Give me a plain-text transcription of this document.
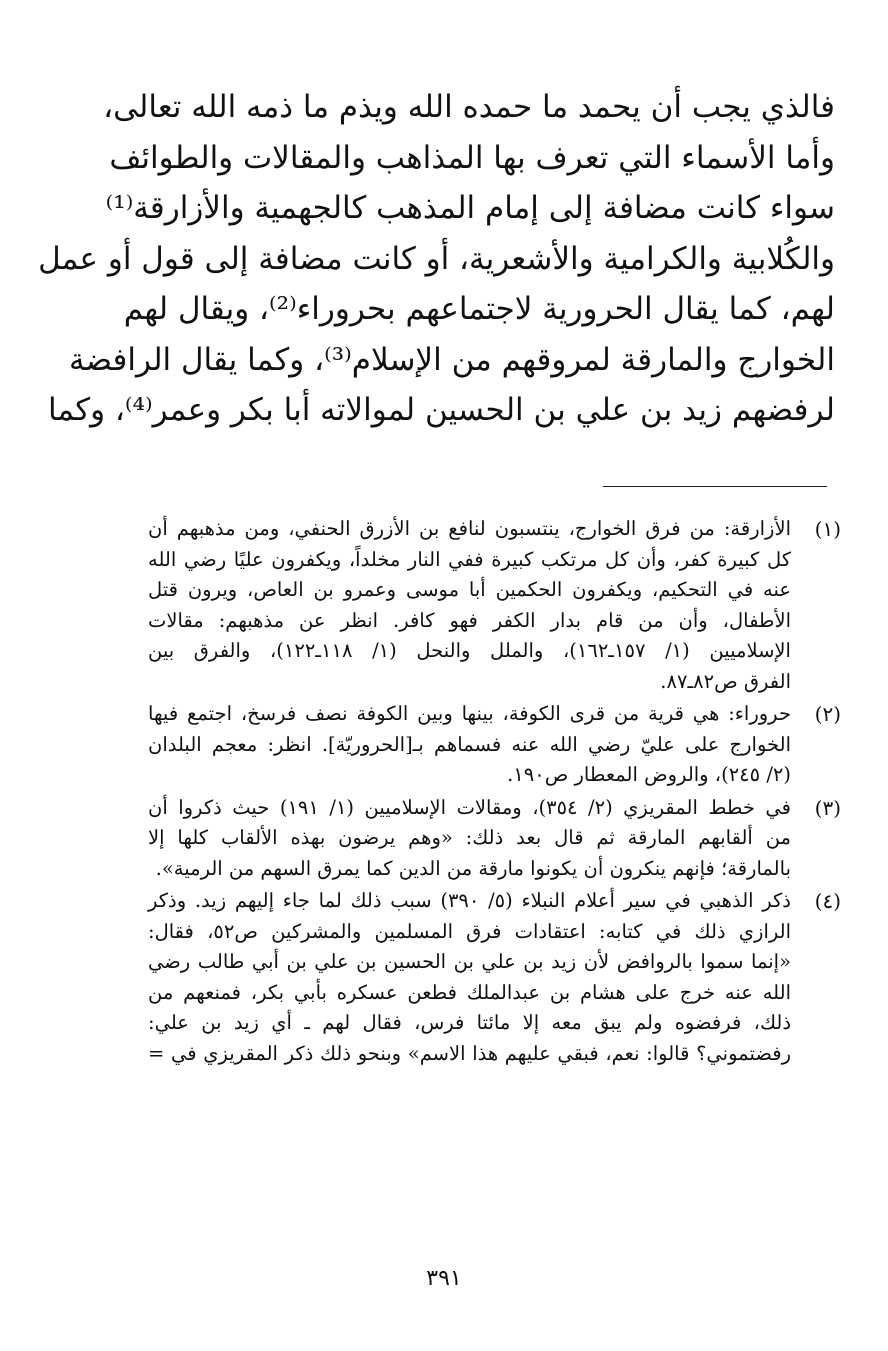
فالذي يجب أن يحمد ما حمده الله ويذم ما ذمه الله تعالى،
وأما الأسماء التي تعرف بها المذاهب والمقالات والطوائف
سواء كانت مضافة إلى إمام المذهب كالجهمية والأزارقة⁽¹⁾
والكُلابية والكرامية والأشعرية، أو كانت مضافة إلى قول أو عمل
لهم، كما يقال الحرورية لاجتماعهم بحروراء⁽²⁾، ويقال لهم
الخوارج والمارقة لمروقهم من الإسلام⁽³⁾، وكما يقال الرافضة
لرفضهم زيد بن علي بن الحسين لموالاته أبا بكر وعمر⁽⁴⁾، وكما
(١)
الأزارقة: من فرق الخوارج، ينتسبون لنافع بن الأزرق الحنفي، ومن مذهبهم أن
كل كبيرة كفر، وأن كل مرتكب كبيرة ففي النار مخلداً، ويكفرون عليًا رضي الله
عنه في التحكيم، ويكفرون الحكمين أبا موسى وعمرو بن العاص، ويرون قتل
الأطفال، وأن من قام بدار الكفر فهو كافر. انظر عن مذهبهم: مقالات
الإسلاميين (١/ ١٥٧ـ١٦٢)، والملل والنحل (١/ ١١٨ـ١٢٢)، والفرق بين
الفرق ص٨٢ـ٨٧.
(٢)
حروراء: هي قرية من قرى الكوفة، بينها وبين الكوفة نصف فرسخ، اجتمع فيها
الخوارج على عليّ رضي الله عنه فسماهم بـ[الحروريّة]. انظر: معجم البلدان
(٢/ ٢٤٥)، والروض المعطار ص١٩٠.
(٣)
في خطط المقريزي (٢/ ٣٥٤)، ومقالات الإسلاميين (١/ ١٩١) حيث ذكروا أن
من ألقابهم المارقة ثم قال بعد ذلك: «وهم يرضون بهذه الألقاب كلها إلا
بالمارقة؛ فإنهم ينكرون أن يكونوا مارقة من الدين كما يمرق السهم من الرمية».
(٤)
ذكر الذهبي في سير أعلام النبلاء (٥/ ٣٩٠) سبب ذلك لما جاء إليهم زيد. وذكر
الرازي ذلك في كتابه: اعتقادات فرق المسلمين والمشركين ص٥٢، فقال:
«إنما سموا بالروافض لأن زيد بن علي بن الحسين بن علي بن أبي طالب رضي
الله عنه خرج على هشام بن عبدالملك فطعن عسكره بأبي بكر، فمنعهم من
ذلك، فرفضوه ولم يبق معه إلا مائتا فرس، فقال لهم ـ أي زيد بن علي:
رفضتموني؟ قالوا: نعم، فبقي عليهم هذا الاسم» وبنحو ذلك ذكر المقريزي في =
٣٩١
